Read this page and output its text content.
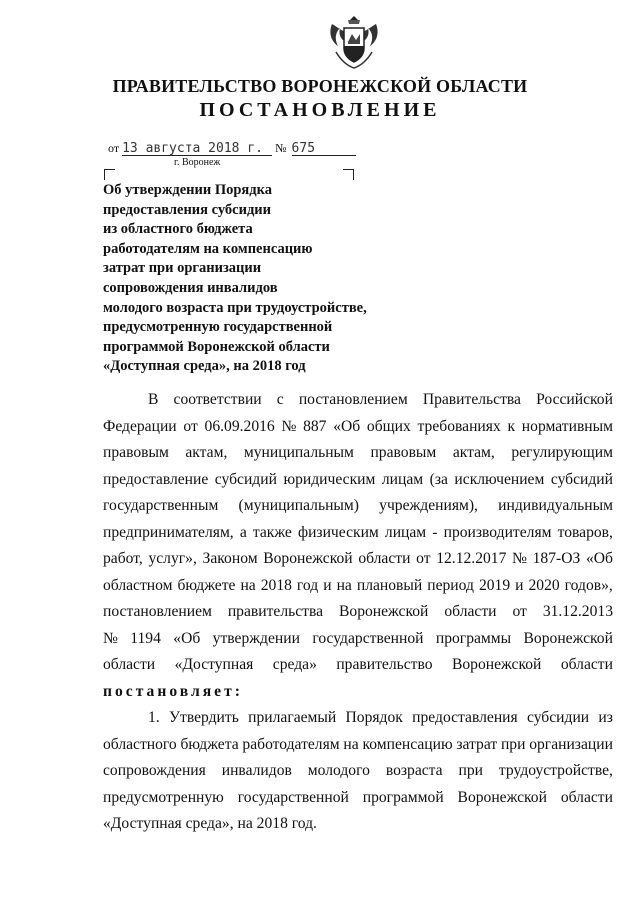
ПРАВИТЕЛЬСТВО ВОРОНЕЖСКОЙ ОБЛАСТИ
ПОСТАНОВЛЕНИЕ
от 13 августа 2018 г. № 675
г. Воронеж
Об утверждении Порядка
предоставления субсидии
из областного бюджета
работодателям на компенсацию
затрат при организации
сопровождения инвалидов
молодого возраста при трудоустройстве,
предусмотренную государственной
программой Воронежской области
«Доступная среда», на 2018 год
В соответствии с постановлением Правительства Российской
Федерации от 06.09.2016 № 887 «Об общих требованиях к нормативным
правовым актам, муниципальным правовым актам, регулирующим
предоставление субсидий юридическим лицам (за исключением субсидий
государственным (муниципальным) учреждениям), индивидуальным
предпринимателям, а также физическим лицам - производителям товаров,
работ, услуг», Законом Воронежской области от 12.12.2017 № 187-ОЗ «Об
областном бюджете на 2018 год и на плановый период 2019 и 2020 годов»,
постановлением правительства Воронежской области от 31.12.2013
№ 1194 «Об утверждении государственной программы Воронежской
области «Доступная среда» правительство Воронежской области
постановляет:
1. Утвердить прилагаемый Порядок предоставления субсидии из
областного бюджета работодателям на компенсацию затрат при организации
сопровождения инвалидов молодого возраста при трудоустройстве,
предусмотренную государственной программой Воронежской области
«Доступная среда», на 2018 год.
